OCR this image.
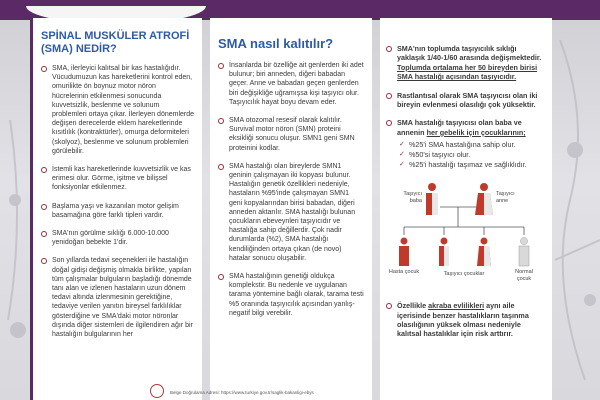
SPİNAL MUSKÜLER ATROFİ (SMA) NEDİR?
SMA, ilerleyici kalıtsal bir kas hastalığıdır. Vücudumuzun kas hareketlerini kontrol eden, omurilikte ön boynuz motor nöron hücrelerinin etkilenmesi sonucunda kuvvetsizlik, beslenme ve solunum problemleri ortaya çıkar. İlerleyen dönemlerde değişen derecelerde eklem hareketlerinde kısıtlılık (kontraktürler), omurga deformiteleri (skolyoz), beslenme ve solunum problemleri görülebilir.
İstemli kas hareketlerinde kuvvetsizlik ve kas erimesi olur. Görme, işitme ve bilişsel fonksiyonlar etkilenmez.
Başlama yaşı ve kazanılan motor gelişim basamağına göre farklı tipleri vardır.
SMA'nın görülme sıklığı 6.000-10.000 yenidoğan bebekte 1'dir.
Son yıllarda tedavi seçenekleri ile hastalığın doğal gidişi değişmiş olmakla birlikte, yapılan tüm çalışmalar bulguların başladığı dönemde tanı alan ve izlenen hastaların uzun dönem tedavi altında izlenmesinin gerektiğine, tedaviye verilen yanıtın bireysel farklılıklar gösterdiğine ve SMA'daki motor nöronlar dışında diğer sistemleri de ilgilendiren ağır bir hastalığın bulgularının her
SMA nasıl kalıtılır?
İnsanlarda bir özelliğe ait genlerden iki adet bulunur; biri anneden, diğeri babadan geçer. Anne ve babadan geçen genlerden biri değişikliğe uğramışsa kişi taşıyıcı olur. Taşıyıcılık hayat boyu devam eder.
SMA otozomal resesif olarak kalıtılır. Survival motor nöron (SMN) proteini eksikliği sonucu oluşur. SMN1 geni SMN proteinini kodlar.
SMA hastalığı olan bireylerde SMN1 geninin çalışmayan iki kopyası bulunur. Hastalığın genetik özellikleri nedeniyle, hastaların %95'inde çalışmayan SMN1 geni kopyalarından birisi babadan, diğeri anneden aktarılır. SMA hastalığı bulunan çocukların ebeveynleri taşıyıcıdır ve hastalığa sahip değillerdir. Çok nadir durumlarda (%2), SMA hastalığı kendiliğinden ortaya çıkan (de novo) hatalar sonucu oluşabilir.
SMA hastalığının genetiği oldukça komplekstir. Bu nedenle ve uygulanan tarama yöntemine bağlı olarak, tarama testi %5 oranında taşıyıcılık açısından yanlış-negatif bilgi verebilir.
SMA'nın toplumda taşıyıcılık sıklığı yaklaşık 1/40-1/60 arasında değişmektedir. Toplumda ortalama her 50 bireyden birisi SMA hastalığı açısından taşıyıcıdır.
Rastlantısal olarak SMA taşıyıcısı olan iki bireyin evlenmesi olasılığı çok yüksektir.
SMA hastalığı taşıyıcısı olan baba ve annenin her gebelik için çocuklarının;
✓ %25'i SMA hastalığına sahip olur.
✓ %50'si taşıyıcı olur.
✓ %25'i hastalığı taşımaz ve sağlıklıdır.
Taşıyıcı baba
Taşıyıcı anne
Hasta çocuk	Taşıyıcı çocuklar	Normal çocuk
Özellikle akraba evlilikleri aynı aile içerisinde benzer hastalıkların taşınma olasılığının yüksek olması nedeniyle kalıtsal hastalıklar için risk arttırır.
Belge Doğrulama Adresi: https://www.turkiye.gov.tr/saglik-bakanligi-ebys
